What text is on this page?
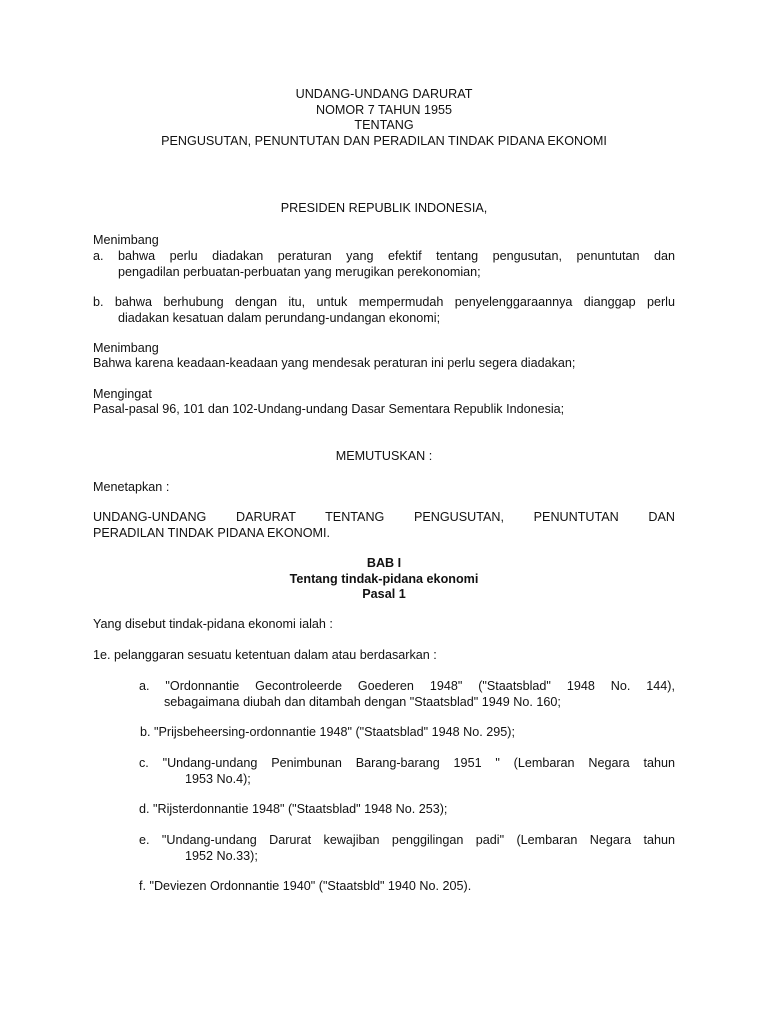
UNDANG-UNDANG DARURAT
NOMOR 7 TAHUN 1955
TENTANG
PENGUSUTAN, PENUNTUTAN DAN PERADILAN TINDAK PIDANA EKONOMI
PRESIDEN REPUBLIK INDONESIA,
Menimbang
a. bahwa perlu diadakan peraturan yang efektif tentang pengusutan, penuntutan dan
pengadilan perbuatan-perbuatan yang merugikan perekonomian;
b. bahwa berhubung dengan itu, untuk mempermudah penyelenggaraannya dianggap perlu
diadakan kesatuan dalam perundang-undangan ekonomi;
Menimbang
Bahwa karena keadaan-keadaan yang mendesak peraturan ini perlu segera diadakan;
Mengingat
Pasal-pasal 96, 101 dan 102-Undang-undang Dasar Sementara Republik Indonesia;
MEMUTUSKAN :
Menetapkan :
UNDANG-UNDANG DARURAT TENTANG PENGUSUTAN, PENUNTUTAN DAN
PERADILAN TINDAK PIDANA EKONOMI.
BAB I
Tentang tindak-pidana ekonomi
Pasal 1
Yang disebut tindak-pidana ekonomi ialah :
1e. pelanggaran sesuatu ketentuan dalam atau berdasarkan :
a. "Ordonnantie Gecontroleerde Goederen 1948" ("Staatsblad" 1948 No. 144),
sebagaimana diubah dan ditambah dengan "Staatsblad" 1949 No. 160;
b. "Prijsbeheersing-ordonnantie 1948" ("Staatsblad" 1948 No. 295);
c. "Undang-undang Penimbunan Barang-barang 1951 " (Lembaran Negara tahun
1953 No.4);
d. "Rijsterdonnantie 1948" ("Staatsblad" 1948 No. 253);
e. "Undang-undang Darurat kewajiban penggilingan padi" (Lembaran Negara tahun
1952 No.33);
f. "Deviezen Ordonnantie 1940" ("Staatsbld" 1940 No. 205).
